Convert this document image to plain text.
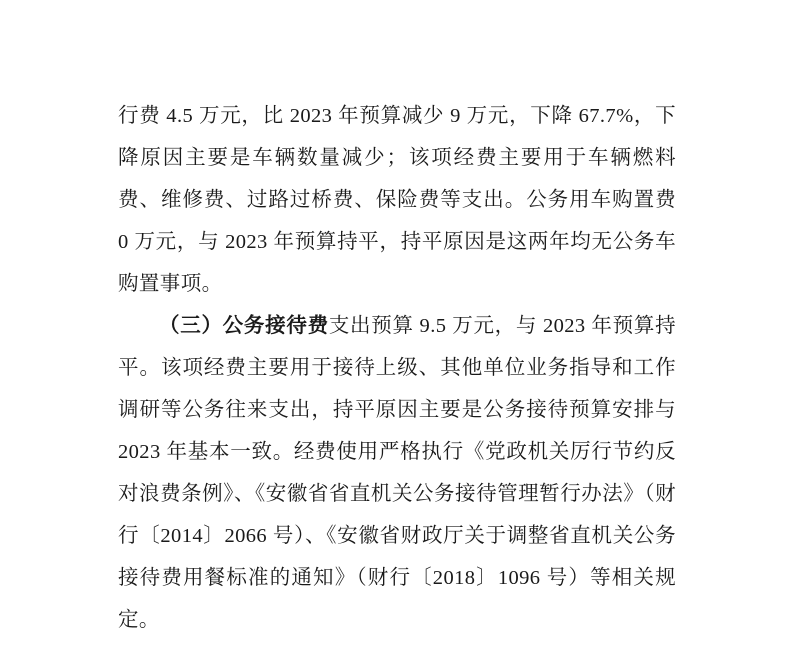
行费 4.5 万元，比 2023 年预算减少 9 万元，下降 67.7%，下降原因主要是车辆数量减少；该项经费主要用于车辆燃料费、维修费、过路过桥费、保险费等支出。公务用车购置费 0 万元，与 2023 年预算持平，持平原因是这两年均无公务车购置事项。

（三）公务接待费支出预算 9.5 万元，与 2023 年预算持平。该项经费主要用于接待上级、其他单位业务指导和工作调研等公务往来支出，持平原因主要是公务接待预算安排与 2023 年基本一致。经费使用严格执行《党政机关厉行节约反对浪费条例》、《安徽省省直机关公务接待管理暂行办法》（财行〔2014〕2066 号）、《安徽省财政厅关于调整省直机关公务接待费用餐标准的通知》（财行〔2018〕1096 号）等相关规定。
